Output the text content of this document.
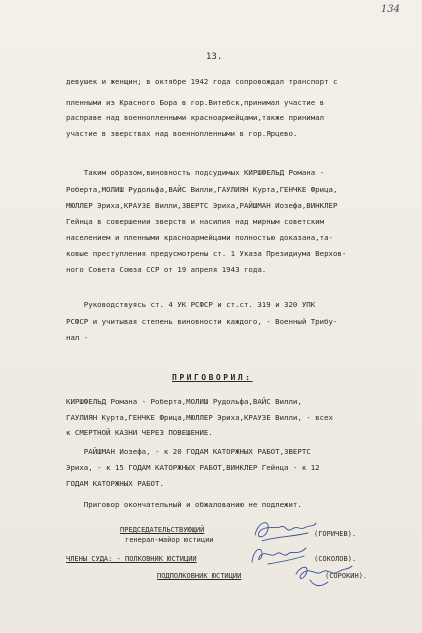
134
13.
девушек и женщин; в октябре 1942 года сопровождал транспорт с
пленными из Красного Бора в гор.Витебск,принимал участие в
расправе над военнопленными красноармейцами,также принимал
участие в зверствах над военнопленными в гор.Ярцево.
Таким образом,виновность подсудимых КИРШФЕЛЬД Романа -
Роберта,МОЛИШ Рудольфа,ВАЙС Вилли,ГАУЛИЯН Курта,ГЕНЧКЕ Фрица,
МЮЛЛЕР Эриха,КРАУЗЕ Вилли,ЗВЕРТС Эриха,РАЙШМАН Иозефа,ВИНКЛЕР
Гейнца в совершении зверств и насилия над мирным советским
населением и пленными красноармейцами полностью доказана,та-
ковые преступления предусмотрены ст. 1 Указа Президиума Верхов-
ного Совета Союза ССР от 19 апреля 1943 года.
Руководствуясь ст. 4 УК РСФСР и ст.ст. 319 и 320 УПК
РСФСР и учитывая степень виновности каждого, - Военный Трибу-
нал -
ПРИГОВОРИЛ:
КИРШФЕЛЬД Романа - Роберта,МОЛИШ Рудольфа,ВАЙС Вилли,
ГАУЛИЯН Курта,ГЕНЧКЕ Фрица,МЮЛЛЕР Эриха,КРАУЗЕ Вилли, - всех
к СМЕРТНОЙ КАЗНИ ЧЕРЕЗ ПОВЕШЕНИЕ.
РАЙШМАН Иозефа, - к 20 ГОДАМ КАТОРЖНЫХ РАБОТ,ЗВЕРТС
Эриха, - к 15 ГОДАМ КАТОРЖНЫХ РАБОТ,ВИНКЛЕР Гейнца - к 12
ГОДАМ КАТОРЖНЫХ РАБОТ.
Приговор окончательный и обжалованию не подлежит.
ПРЕДСЕДАТЕЛЬСТВУЮЩИЙ
генерал-майор юстиции
(ГОРИЧЕВ).
ЧЛЕНЫ СУДА: - ПОЛКОВНИК ЮСТИЦИИ	(СОКОЛОВ).
ПОДПОЛКОВНИК ЮСТИЦИИ	(СОРОКИН).
